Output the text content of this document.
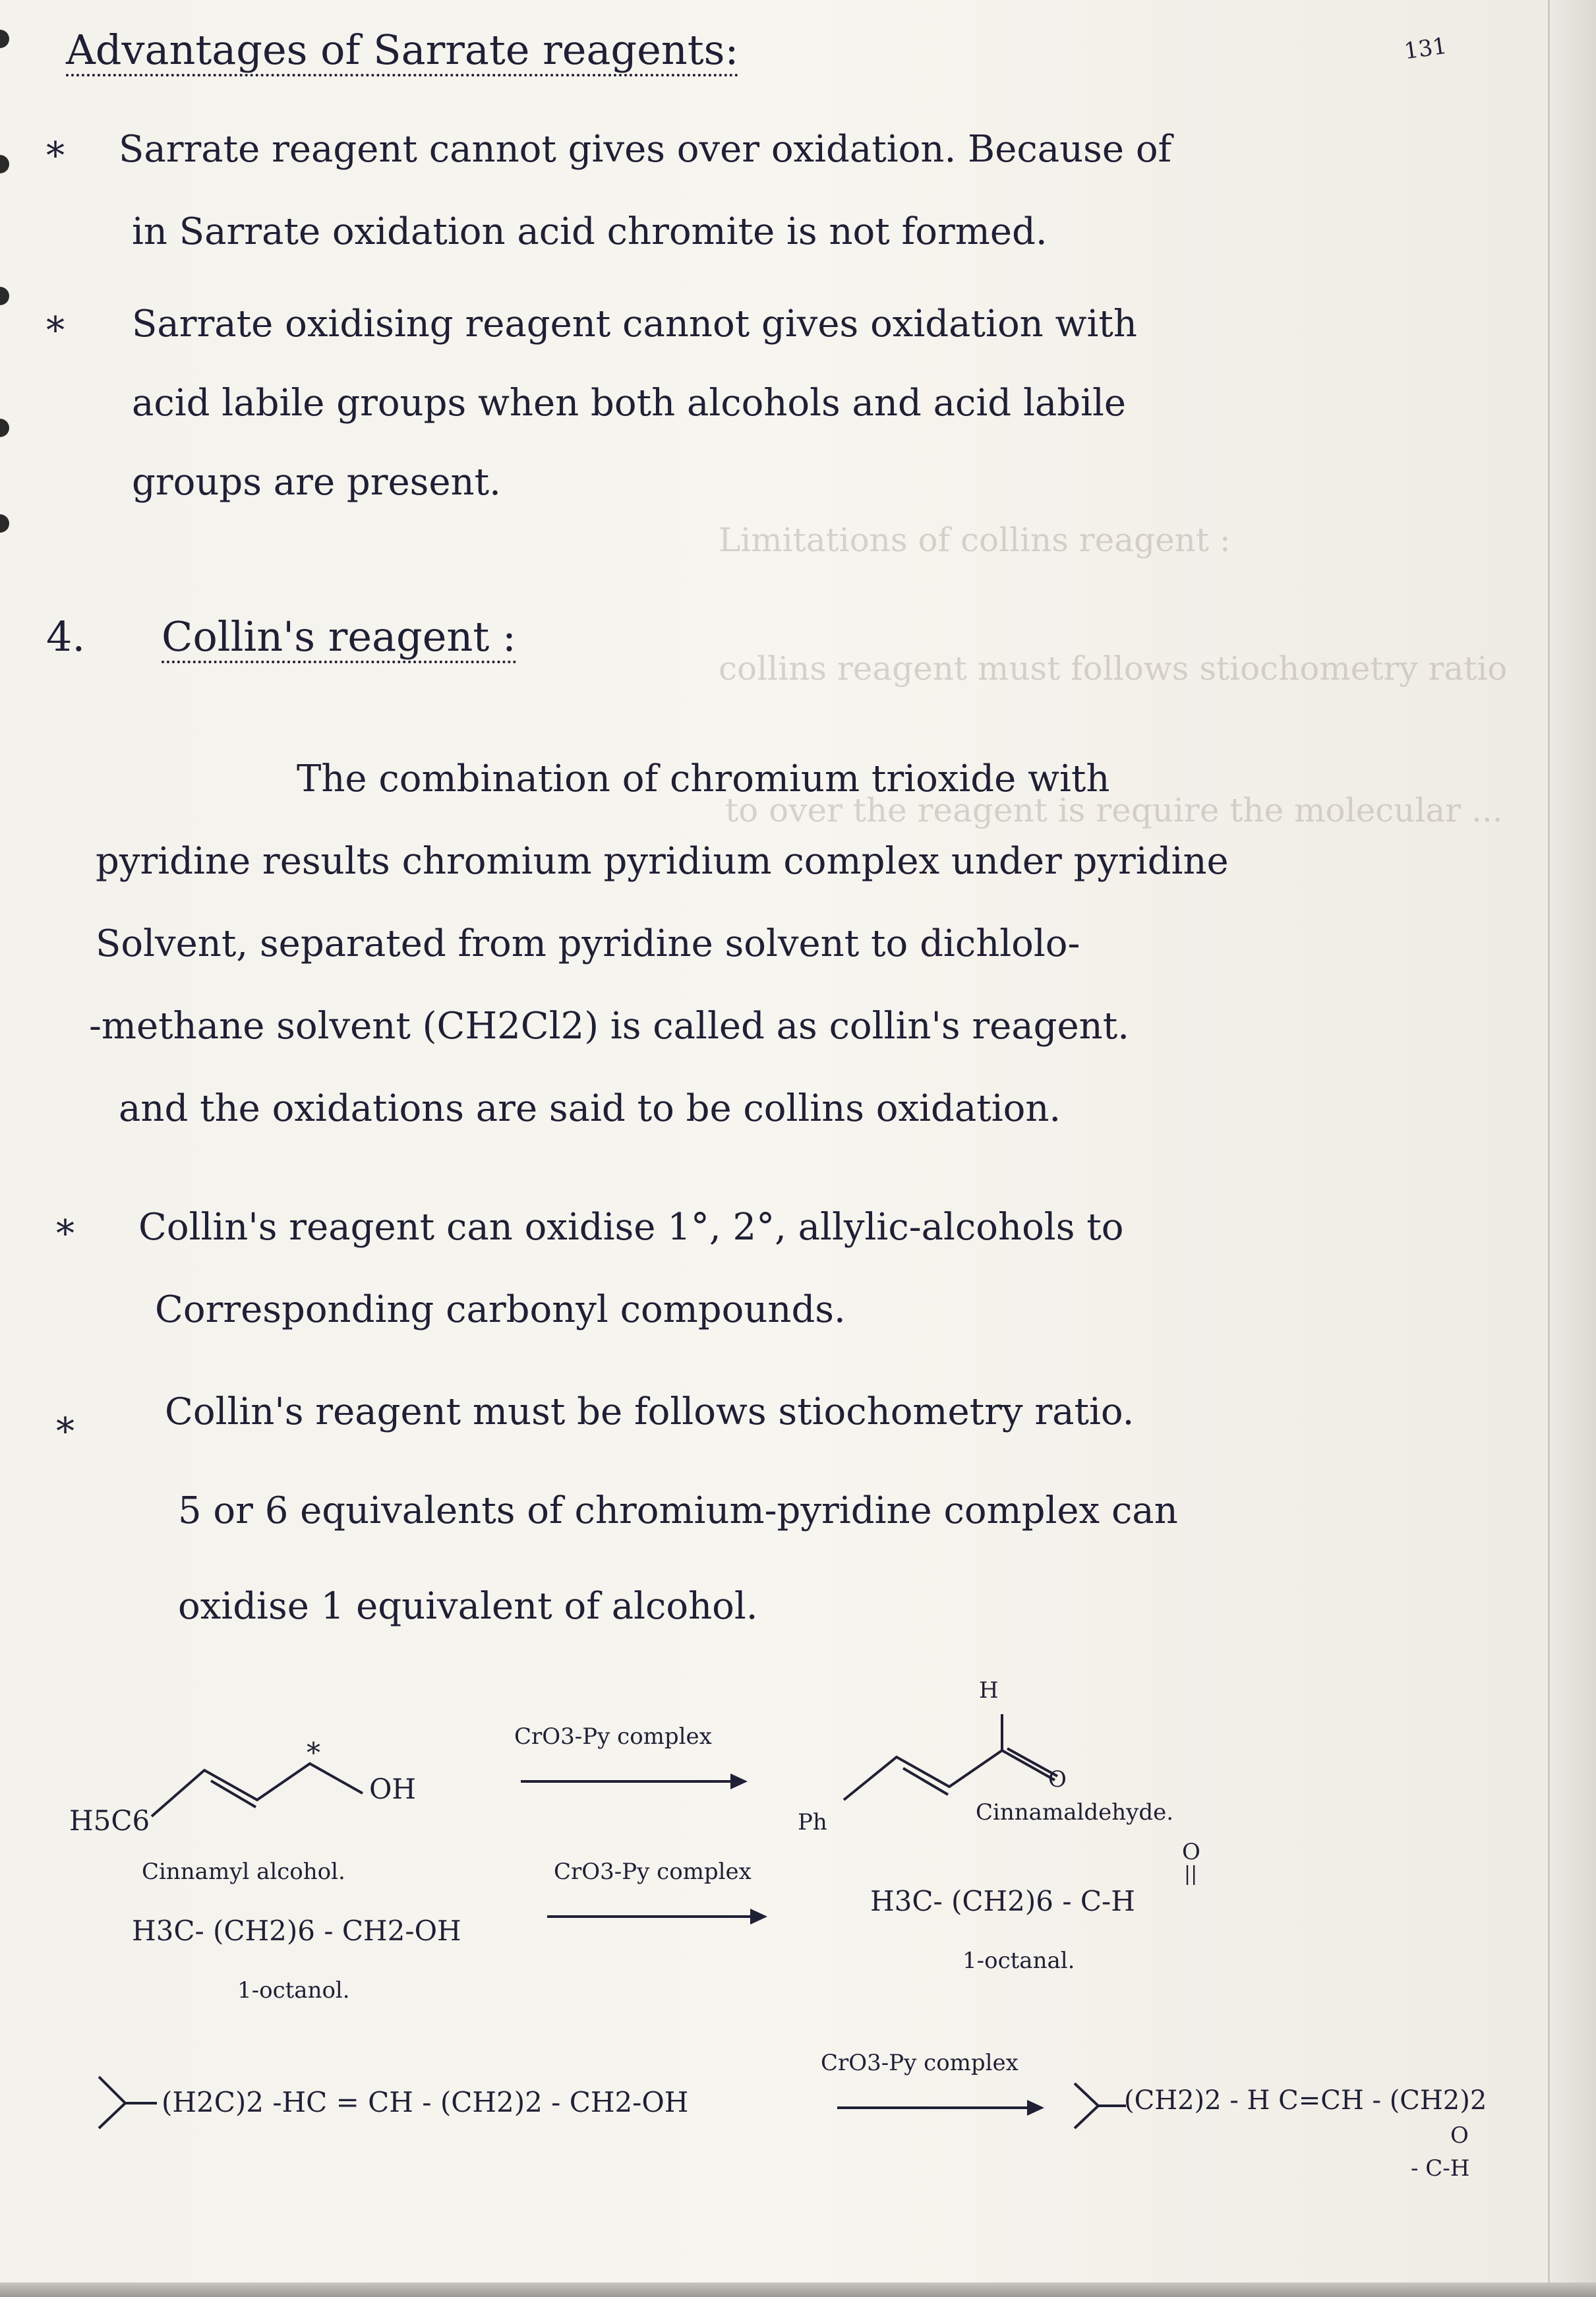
131
Advantages of Sarrate reagents:
* Sarrate reagent cannot gives over oxidation. Because of
in Sarrate oxidation acid chromite is not formed.
* Sarrate oxidising reagent cannot gives oxidation with
acid labile groups when both alcohols and acid labile
groups are present.
Limitations of collins reagent :
collins reagent must follows stiochometry ratio
to over the reagent is require the molecular ...
4. Collin's reagent :
The combination of chromium trioxide with
pyridine results chromium pyridium complex under pyridine
Solvent, separated from pyridine solvent to dichlolo-
-methane solvent (CH2Cl2) is called as collin's reagent.
and the oxidations are said to be collins oxidation.
* Collin's reagent can oxidise 1°, 2°, allylic-alcohols to
Corresponding carbonyl compounds.
* Collin's reagent must be follows stiochometry ratio.
5 or 6 equivalents of chromium-pyridine complex can
oxidise 1 equivalent of alcohol.
H5C6
*
OH
Cinnamyl alcohol.
CrO3-Py complex
Ph
H
O
Cinnamaldehyde.
H3C- (CH2)6 - CH2-OH
1-octanol.
CrO3-Py complex
O
||
H3C- (CH2)6 - C-H
1-octanal.
(H2C)2 -HC = CH - (CH2)2 - CH2-OH
CrO3-Py complex
(CH2)2 - H C=CH - (CH2)2
O
- C-H
